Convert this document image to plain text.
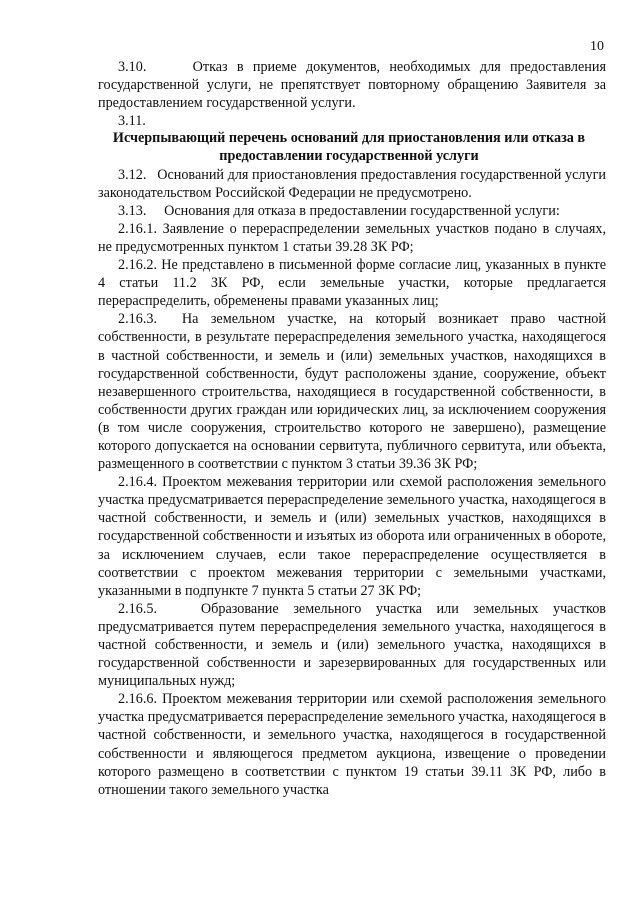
10

3.10.	Отказ в приеме документов, необходимых для предоставления государственной услуги, не препятствует повторному обращению Заявителя за предоставлением государственной услуги.

3.11.

Исчерпывающий перечень оснований для приостановления или отказа в предоставлении государственной услуги

3.12. Оснований для приостановления предоставления государственной услуги законодательством Российской Федерации не предусмотрено.

3.13. Основания для отказа в предоставлении государственной услуги:

2.16.1. Заявление о перераспределении земельных участков подано в случаях, не предусмотренных пунктом 1 статьи 39.28 ЗК РФ;

2.16.2. Не представлено в письменной форме согласие лиц, указанных в пункте 4 статьи 11.2 ЗК РФ, если земельные участки, которые предлагается перераспределить, обременены правами указанных лиц;

2.16.3. На земельном участке, на который возникает право частной собственности, в результате перераспределения земельного участка, находящегося в частной собственности, и земель и (или) земельных участков, находящихся в государственной собственности, будут расположены здание, сооружение, объект незавершенного строительства, находящиеся в государственной собственности, в собственности других граждан или юридических лиц, за исключением сооружения (в том числе сооружения, строительство которого не завершено), размещение которого допускается на основании сервитута, публичного сервитута, или объекта, размещенного в соответствии с пунктом 3 статьи 39.36 ЗК РФ;

2.16.4. Проектом межевания территории или схемой расположения земельного участка предусматривается перераспределение земельного участка, находящегося в частной собственности, и земель и (или) земельных участков, находящихся в государственной собственности и изъятых из оборота или ограниченных в обороте, за исключением случаев, если такое перераспределение осуществляется в соответствии с проектом межевания территории с земельными участками, указанными в подпункте 7 пункта 5 статьи 27 ЗК РФ;

2.16.5.	Образование земельного участка или земельных участков предусматривается путем перераспределения земельного участка, находящегося в частной собственности, и земель и (или) земельного участка, находящихся в государственной собственности и зарезервированных для государственных или муниципальных нужд;

2.16.6. Проектом межевания территории или схемой расположения земельного участка предусматривается перераспределение земельного участка, находящегося в частной собственности, и земельного участка, находящегося в государственной собственности и являющегося предметом аукциона, извещение о проведении которого размещено в соответствии с пунктом 19 статьи 39.11 ЗК РФ, либо в отношении такого земельного участка
